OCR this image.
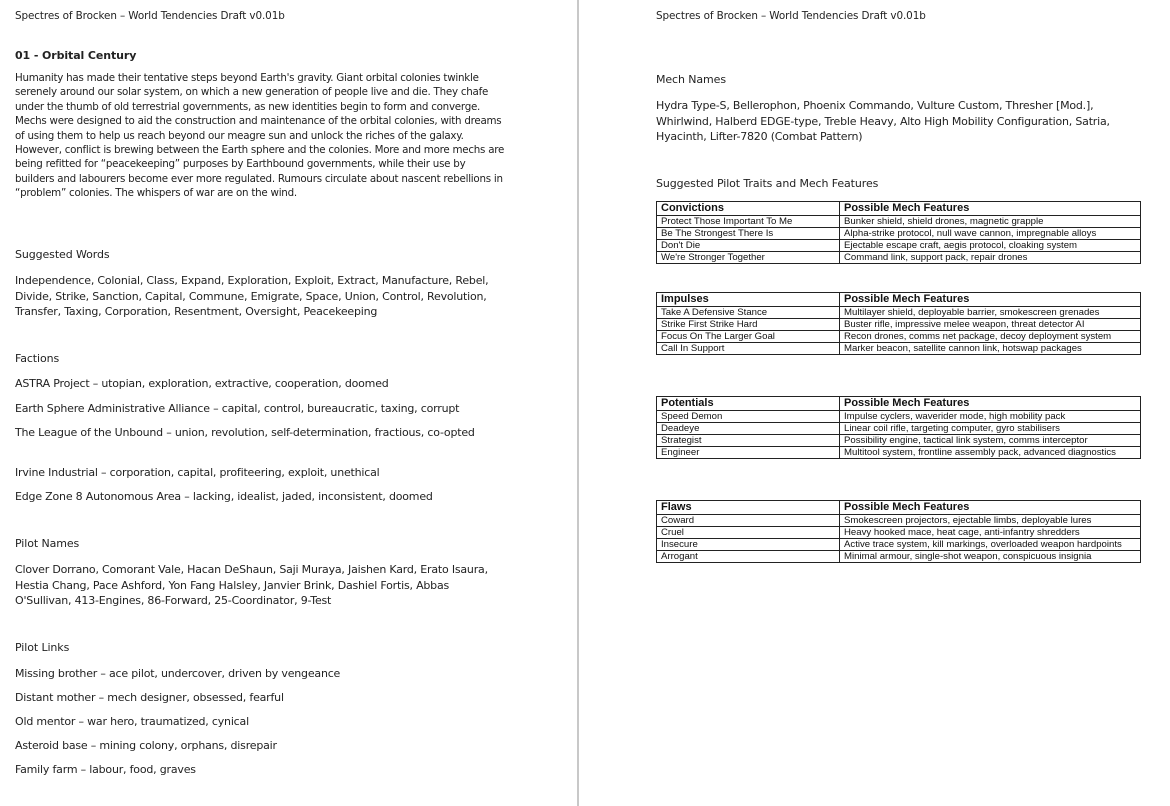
Spectres of Brocken – World Tendencies Draft v0.01b
01 - Orbital Century

Humanity has made their tentative steps beyond Earth's gravity. Giant orbital colonies twinkle serenely around our solar system, on which a new generation of people live and die. They chafe under the thumb of old terrestrial governments, as new identities begin to form and converge. Mechs were designed to aid the construction and maintenance of the orbital colonies, with dreams of using them to help us reach beyond our meagre sun and unlock the riches of the galaxy. However, conflict is brewing between the Earth sphere and the colonies. More and more mechs are being refitted for “peacekeeping” purposes by Earthbound governments, while their use by builders and labourers become ever more regulated. Rumours circulate about nascent rebellions in “problem” colonies. The whispers of war are on the wind.

Suggested Words

Independence, Colonial, Class, Expand, Exploration, Exploit, Extract, Manufacture, Rebel, Divide, Strike, Sanction, Capital, Commune, Emigrate, Space, Union, Control, Revolution, Transfer, Taxing, Corporation, Resentment, Oversight, Peacekeeping

Factions

ASTRA Project – utopian, exploration, extractive, cooperation, doomed

Earth Sphere Administrative Alliance – capital, control, bureaucratic, taxing, corrupt

The League of the Unbound – union, revolution, self-determination, fractious, co-opted

Irvine Industrial – corporation, capital, profiteering, exploit, unethical

Edge Zone 8 Autonomous Area – lacking, idealist, jaded, inconsistent, doomed

Pilot Names

Clover Dorrano, Comorant Vale, Hacan DeShaun, Saji Muraya, Jaishen Kard, Erato Isaura, Hestia Chang, Pace Ashford, Yon Fang Halsley, Janvier Brink, Dashiel Fortis, Abbas O'Sullivan, 413-Engines, 86-Forward, 25-Coordinator, 9-Test

Pilot Links

Missing brother – ace pilot, undercover, driven by vengeance

Distant mother – mech designer, obsessed, fearful

Old mentor – war hero, traumatized, cynical

Asteroid base – mining colony, orphans, disrepair

Family farm – labour, food, graves

Spectres of Brocken – World Tendencies Draft v0.01b
Mech Names

Hydra Type-S, Bellerophon, Phoenix Commando, Vulture Custom, Thresher [Mod.], Whirlwind, Halberd EDGE-type, Treble Heavy, Alto High Mobility Configuration, Satria, Hyacinth, Lifter-7820 (Combat Pattern)

Suggested Pilot Traits and Mech Features
Convictions	Possible Mech Features
Protect Those Important To Me	Bunker shield, shield drones, magnetic grapple
Be The Strongest There Is	Alpha-strike protocol, null wave cannon, impregnable alloys
Don't Die	Ejectable escape craft, aegis protocol, cloaking system
We're Stronger Together	Command link, support pack, repair drones
Impulses	Possible Mech Features
Take A Defensive Stance	Multilayer shield, deployable barrier, smokescreen grenades
Strike First Strike Hard	Buster rifle, impressive melee weapon, threat detector AI
Focus On The Larger Goal	Recon drones, comms net package, decoy deployment system
Call In Support	Marker beacon, satellite cannon link, hotswap packages
Potentials	Possible Mech Features
Speed Demon	Impulse cyclers, waverider mode, high mobility pack
Deadeye	Linear coil rifle, targeting computer, gyro stabilisers
Strategist	Possibility engine, tactical link system, comms interceptor
Engineer	Multitool system, frontline assembly pack, advanced diagnostics
Flaws	Possible Mech Features
Coward	Smokescreen projectors, ejectable limbs, deployable lures
Cruel	Heavy hooked mace, heat cage, anti-infantry shredders
Insecure	Active trace system, kill markings, overloaded weapon hardpoints
Arrogant	Minimal armour, single-shot weapon, conspicuous insignia
